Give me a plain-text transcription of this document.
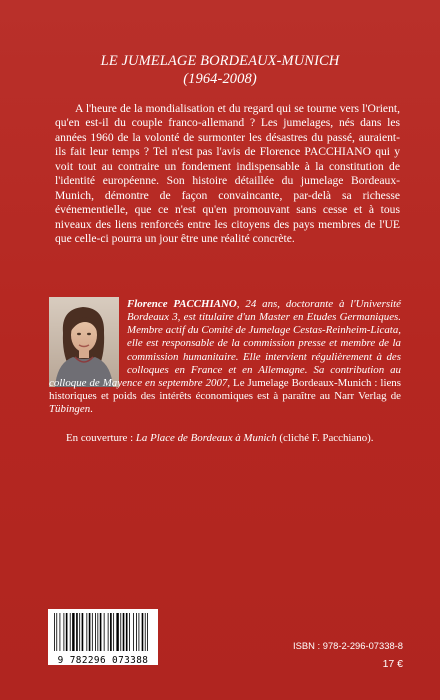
LE JUMELAGE BORDEAUX-MUNICH
(1964-2008)

A l'heure de la mondialisation et du regard qui se tourne vers l'Orient, qu'en est-il du couple franco-allemand ? Les jumelages, nés dans les années 1960 de la volonté de surmonter les désastres du passé, auraient-ils fait leur temps ? Tel n'est pas l'avis de Florence PACCHIANO qui y voit tout au contraire un fondement indispensable à la constitution de l'identité européenne. Son histoire détaillée du jumelage Bordeaux-Munich, démontre de façon convaincante, par-delà sa richesse événementielle, que ce n'est qu'en promouvant sans cesse et à tous niveaux des liens renforcés entre les citoyens des pays membres de l'UE que celle-ci pourra un jour être une réalité concrète.

Florence PACCHIANO, 24 ans, doctorante à l'Université Bordeaux 3, est titulaire d'un Master en Etudes Germaniques. Membre actif du Comité de Jumelage Cestas-Reinheim-Licata, elle est responsable de la commission presse et membre de la commission humanitaire. Elle intervient régulièrement à des colloques en France et en Allemagne. Sa contribution au colloque de Mayence en septembre 2007, Le Jumelage Bordeaux-Munich : liens historiques et poids des intérêts économiques est à paraître au Narr Verlag de Tübingen.

En couverture : La Place de Bordeaux à Munich (cliché F. Pacchiano).

9 782296 073388
ISBN : 978-2-296-07338-8
17 €
